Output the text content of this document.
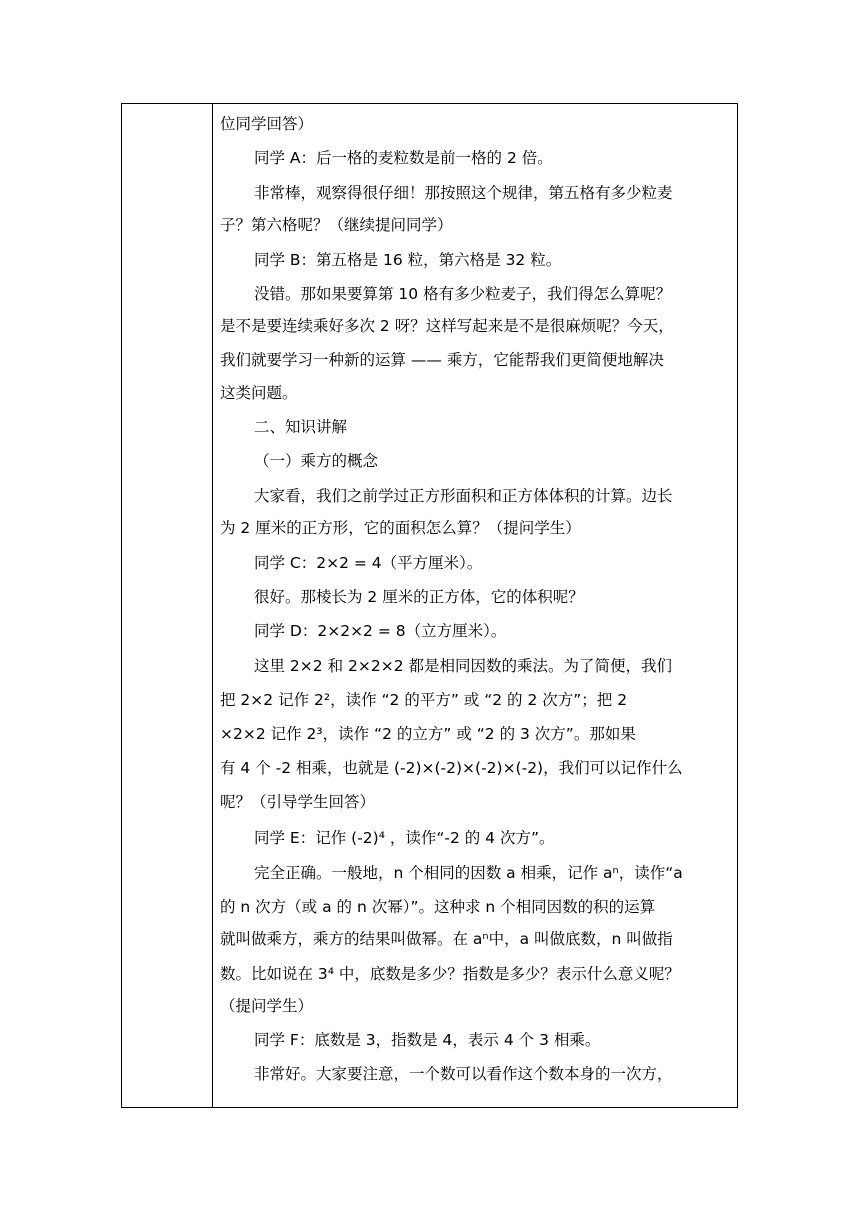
位同学回答）
同学 A：后一格的麦粒数是前一格的 2 倍。
非常棒，观察得很仔细！那按照这个规律，第五格有多少粒麦
子？第六格呢？（继续提问同学）
同学 B：第五格是 16 粒，第六格是 32 粒。
没错。那如果要算第 10 格有多少粒麦子，我们得怎么算呢？
是不是要连续乘好多次 2 呀？这样写起来是不是很麻烦呢？今天，
我们就要学习一种新的运算 —— 乘方，它能帮我们更简便地解决
这类问题。
二、知识讲解
（一）乘方的概念
大家看，我们之前学过正方形面积和正方体体积的计算。边长
为 2 厘米的正方形，它的面积怎么算？（提问学生）
同学 C：2×2 = 4（平方厘米）。
很好。那棱长为 2 厘米的正方体，它的体积呢？
同学 D：2×2×2 = 8（立方厘米）。
这里 2×2 和 2×2×2 都是相同因数的乘法。为了简便，我们
把 2×2 记作 2²，读作 “2 的平方” 或 “2 的 2 次方”；把 2
×2×2 记作 2³，读作 “2 的立方” 或 “2 的 3 次方”。那如果
有 4 个 -2 相乘，也就是 (-2)×(-2)×(-2)×(-2)，我们可以记作什么
呢？（引导学生回答）
同学 E：记作 (-2)⁴ ，读作“-2 的 4 次方”。
完全正确。一般地，n 个相同的因数 a 相乘，记作 aⁿ，读作“a
的 n 次方（或 a 的 n 次幂）”。这种求 n 个相同因数的积的运算
就叫做乘方，乘方的结果叫做幂。在 aⁿ中，a 叫做底数，n 叫做指
数。比如说在 3⁴ 中，底数是多少？指数是多少？表示什么意义呢？
（提问学生）
同学 F：底数是 3，指数是 4，表示 4 个 3 相乘。
非常好。大家要注意，一个数可以看作这个数本身的一次方，
